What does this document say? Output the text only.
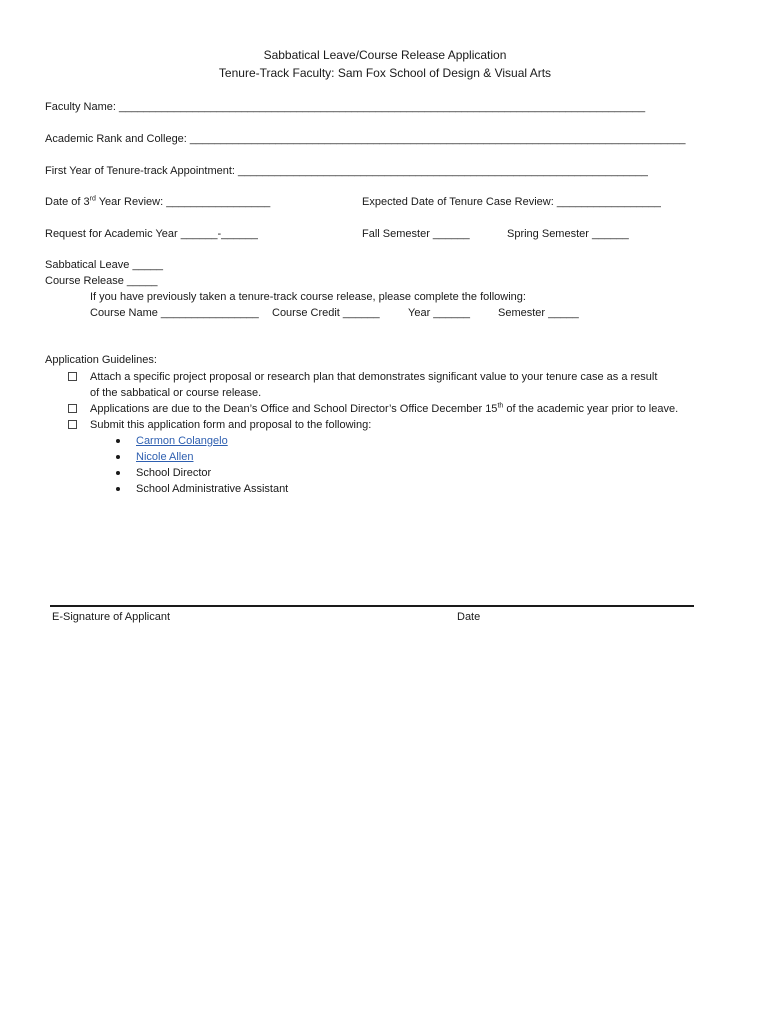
Sabbatical Leave/Course Release Application
Tenure-Track Faculty: Sam Fox School of Design & Visual Arts
Faculty Name: ______________________________________________________________________________________
Academic Rank and College: _________________________________________________________________________________
First Year of Tenure-track Appointment: ___________________________________________________________________
Date of 3rd Year Review: _________________	Expected Date of Tenure Case Review: _________________
Request for Academic Year ______-______	Fall Semester ______	Spring Semester ______
Sabbatical Leave _____
Course Release _____
If you have previously taken a tenure-track course release, please complete the following:
Course Name ________________ Course Credit ______	Year ______	Semester _____
Application Guidelines:
Attach a specific project proposal or research plan that demonstrates significant value to your tenure case as a result
of the sabbatical or course release.
Applications are due to the Dean’s Office and School Director’s Office December 15th of the academic year prior to leave.
Submit this application form and proposal to the following:
Carmon Colangelo
Nicole Allen
School Director
School Administrative Assistant
E-Signature of Applicant	Date
